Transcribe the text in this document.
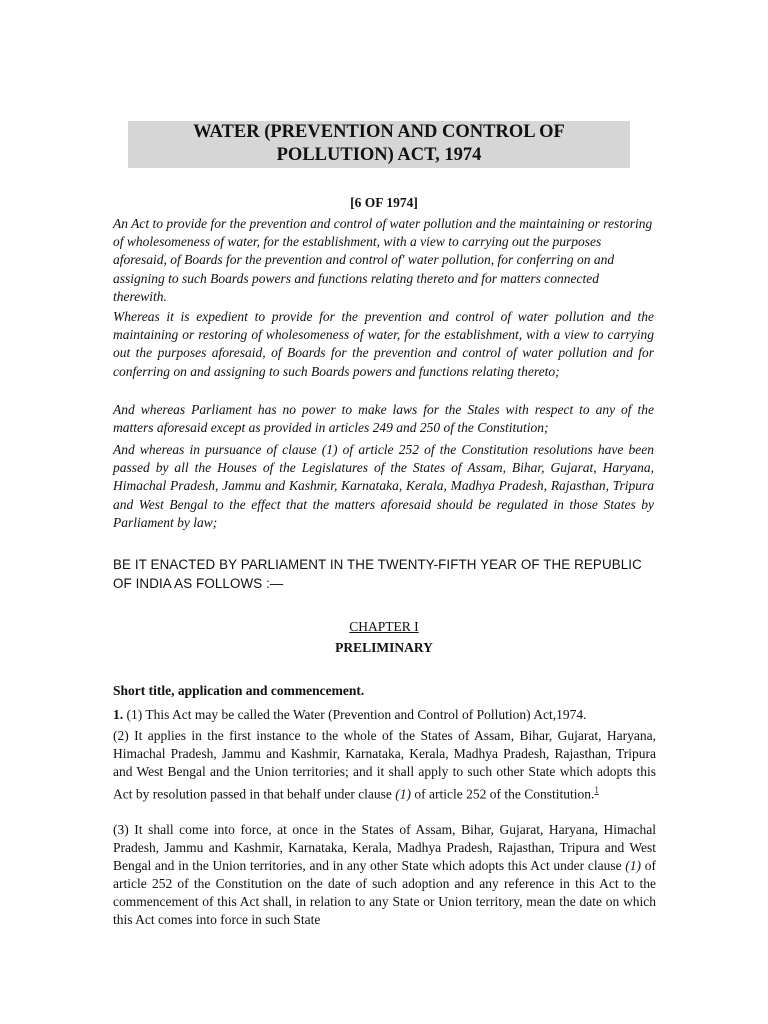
WATER (PREVENTION AND CONTROL OF
POLLUTION) ACT, 1974
[6 OF 1974]

An Act to provide for the prevention and control of water pollution and the maintaining or restoring of wholesomeness of water, for the establishment, with a view to carrying out the purposes aforesaid, of Boards for the prevention and control of' water pollution, for conferring on and assigning to such Boards powers and functions relating thereto and for matters connected therewith.

Whereas it is expedient to provide for the prevention and control of water pollution and the maintaining or restoring of wholesomeness of water, for the establishment, with a view to carrying out the purposes aforesaid, of Boards for the prevention and control of water pollution and for conferring on and assigning to such Boards powers and functions relating thereto;

And whereas Parliament has no power to make laws for the Stales with respect to any of the matters aforesaid except as provided in articles 249 and 250 of the Constitution;

And whereas in pursuance of clause (1) of article 252 of the Constitution resolutions have been passed by all the Houses of the Legislatures of the States of Assam, Bihar, Gujarat, Haryana, Himachal Pradesh, Jammu and Kashmir, Karnataka, Kerala, Madhya Pradesh, Rajasthan, Tripura and West Bengal to the effect that the matters aforesaid should be regulated in those States by Parliament by law;

BE IT ENACTED BY PARLIAMENT IN THE TWENTY-FIFTH YEAR OF THE REPUBLIC OF INDIA AS FOLLOWS :—

CHAPTER I
PRELIMINARY
Short title, application and commencement.

1. (1) This Act may be called the Water (Prevention and Control of Pollution) Act,1974.

(2) It applies in the first instance to the whole of the States of Assam, Bihar, Gujarat, Haryana, Himachal Pradesh, Jammu and Kashmir, Karnataka, Kerala, Madhya Pradesh, Rajasthan, Tripura and West Bengal and the Union territories; and it shall apply to such other State which adopts this Act by resolution passed in that behalf under clause (1) of article 252 of the Constitution.$^1$

(3) It shall come into force, at once in the States of Assam, Bihar, Gujarat, Haryana, Himachal Pradesh, Jammu and Kashmir, Karnataka, Kerala, Madhya Pradesh, Rajasthan, Tripura and West Bengal and in the Union territories, and in any other State which adopts this Act under clause (1) of article 252 of the Constitution on the date of such adoption and any reference in this Act to the commencement of this Act shall, in relation to any State or Union territory, mean the date on which this Act comes into force in such State
